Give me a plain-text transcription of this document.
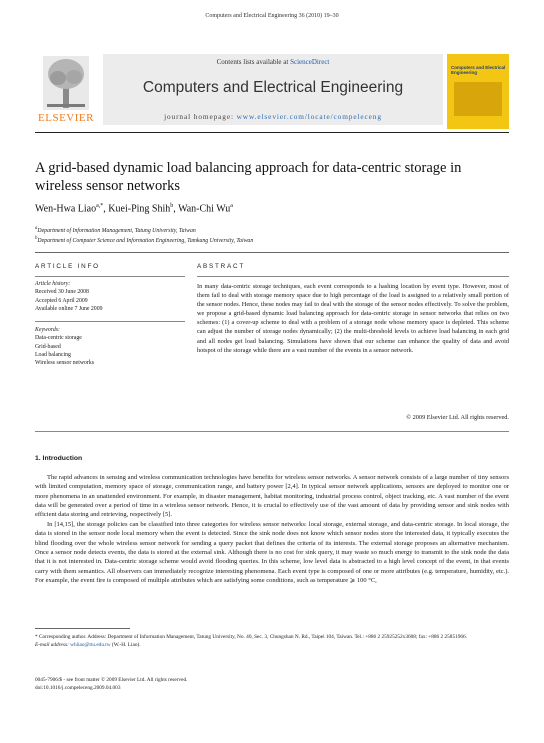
Computers and Electrical Engineering 36 (2010) 19–30
ELSEVIER
Contents lists available at ScienceDirect
Computers and Electrical Engineering
journal homepage: www.elsevier.com/locate/compeleceng
Computers and Electrical Engineering
A grid-based dynamic load balancing approach for data-centric storage in wireless sensor networks
Wen-Hwa Liao$^{a,*}$, Kuei-Ping Shih$^b$, Wan-Chi Wu$^a$
$^a$Department of Information Management, Tatung University, Taiwan
$^b$Department of Computer Science and Information Engineering, Tamkang University, Taiwan
ARTICLE INFO	ABSTRACT
Article history:
Received 30 June 2008
Accepted 6 April 2009
Available online 7 June 2009
Keywords:
Data-centric storage
Grid-based
Load balancing
Wireless sensor networks
In many data-centric storage techniques, each event corresponds to a hashing location by event type. However, most of them fail to deal with storage memory space due to high percentage of the load is assigned to a relatively small portion of the sensor nodes. Hence, these nodes may fail to deal with the storage of the sensor nodes effectively. To solve the problem, we propose a grid-based dynamic load balancing approach for data-centric storage in sensor networks that relies on two schemes: (1) a cover-up scheme to deal with a problem of a storage node whose memory space is depleted. This scheme can adjust the number of storage nodes dynamically; (2) the multi-threshold levels to achieve load balancing in each grid and all nodes get load balancing. Simulations have shown that our scheme can enhance the quality of data and avoid hotspot of the storage while there are a vast number of the events in a sensor network.
© 2009 Elsevier Ltd. All rights reserved.
1. Introduction
The rapid advances in sensing and wireless communication technologies have benefits for wireless sensor networks. A sensor network consists of a large number of tiny sensors with limited computation, memory space of storage, communication range, and battery power [2,4]. In typical sensor network applications, sensors are deployed to monitor one or more phenomena in an unattended environment. For example, in disaster management, habitat monitoring, industrial process control, object tracking, etc. A vast number of the event data will be generated over a period of time in a wireless sensor network. Hence, it is crucial to effectively use of the vast amount of data by providing sensor and sink nodes with efficient data storing and retrieving, respectively [5].
In [14,15], the storage policies can be classified into three categories for wireless sensor networks: local storage, external storage, and data-centric storage. In local storage, the data is stored in the sensor node local memory when the event is detected. Since the sink node does not know which sensor nodes store the interested data, it typically executes the blind flooding over the whole wireless sensor network for sending a query packet that defines the criteria of its interests. The external storage proposes an alternative mechanism. Once a sensor node detects events, the data is stored at the external sink. Although there is no cost for sink query, it may waste so much energy to transmit to the sink node the data that it is not interested in. Data-centric storage scheme would avoid flooding queries. In this scheme, low level data is abstracted to a high level concept of the event, in that events carry with them semantics. All observers can immediately recognize interesting phenomena. Each event type is composed of one or more attributes (e.g. temperature, humidity, etc.). For example, the event fire is composed of multiple attributes which are satisfying some conditions, such as temperature ⩾ 100 °C,
* Corresponding author. Address: Department of Information Management, Tatung University, No. 40, Sec. 3, Chungshan N. Rd., Taipei 104, Taiwan. Tel.: +886 2 25925252x3608; fax: +886 2 25851966.
E-mail address: whliao@ttu.edu.tw (W.-H. Liao).
0045-7906/$ - see front matter © 2009 Elsevier Ltd. All rights reserved.
doi:10.1016/j.compeleceng.2009.04.003
